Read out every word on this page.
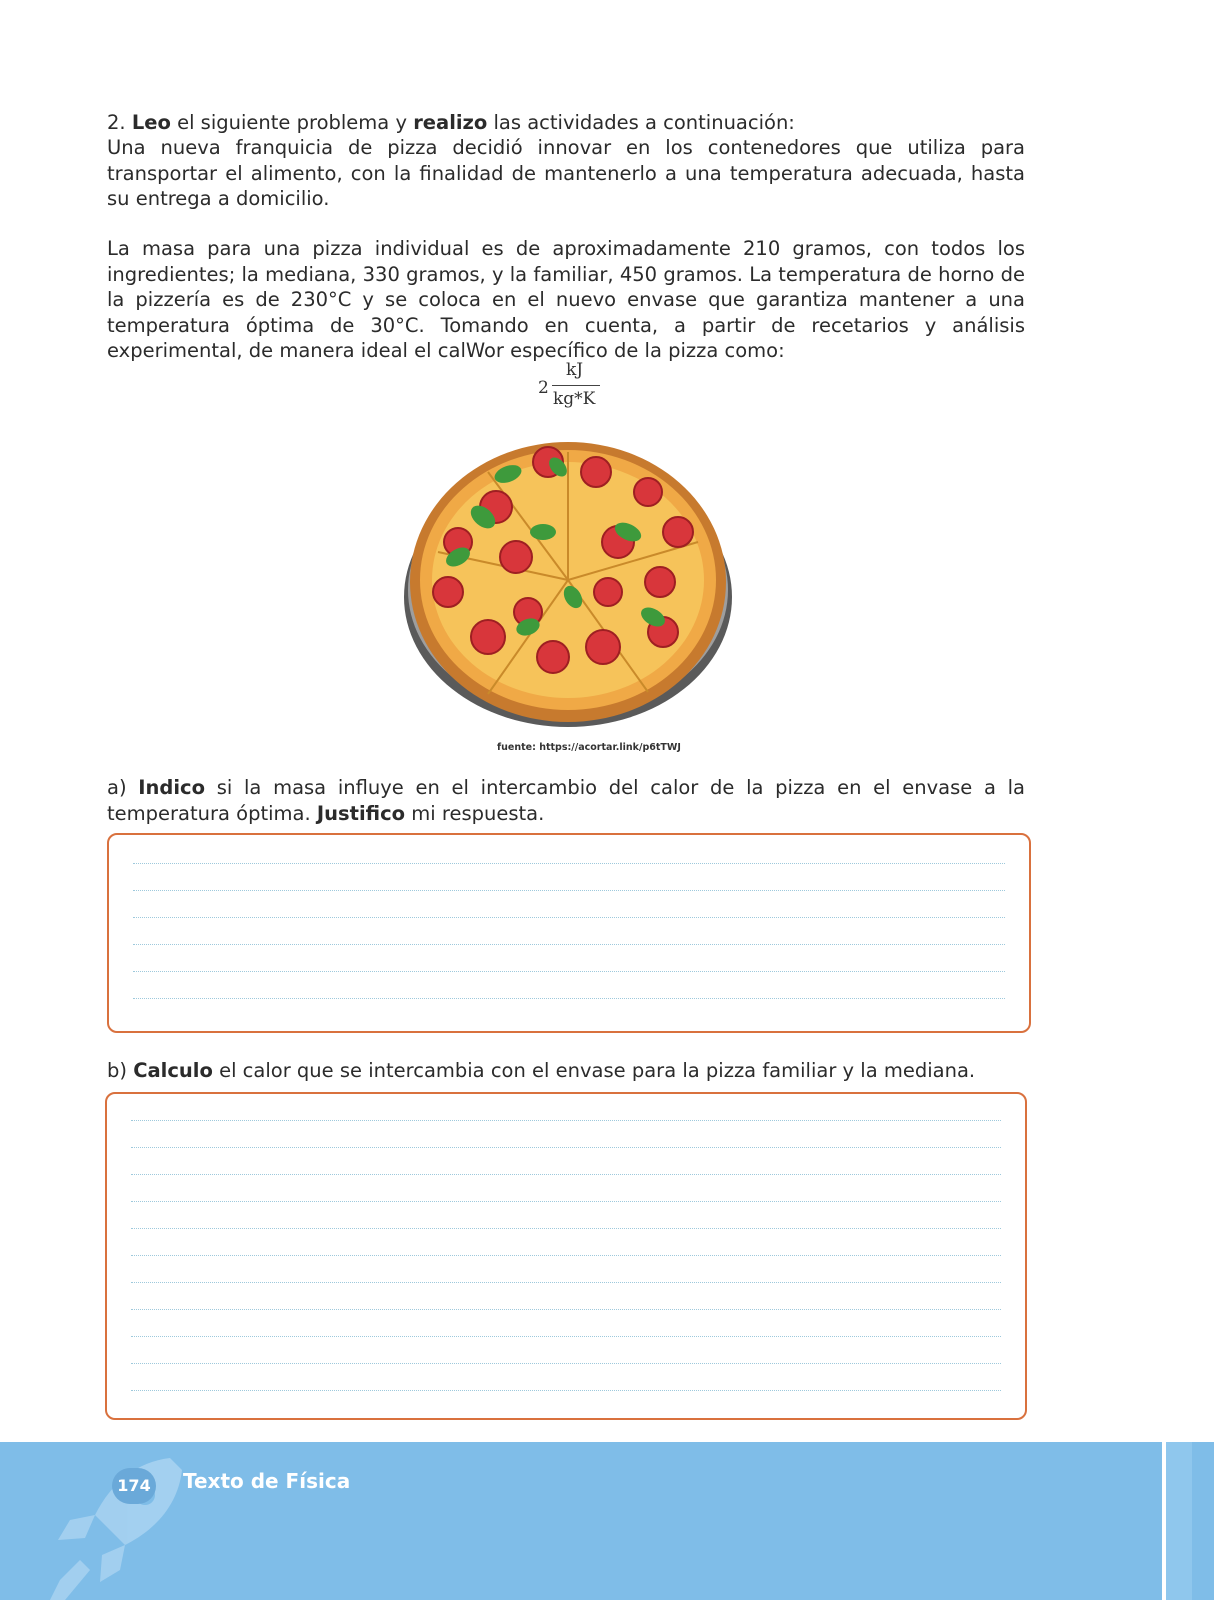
2. Leo el siguiente problema y realizo las actividades a continuación:

Una nueva franquicia de pizza decidió innovar en los contenedores que utiliza para transportar el alimento, con la finalidad de mantenerlo a una temperatura adecuada, hasta su entrega a domicilio.

La masa para una pizza individual es de aproximadamente 210 gramos, con todos los ingredientes; la mediana, 330 gramos, y la familiar, 450 gramos. La temperatura de horno de la pizzería es de 230°C y se coloca en el nuevo envase que garantiza mantener a una temperatura óptima de 30°C. Tomando en cuenta, a partir de recetarios y análisis experimental, de manera ideal el calWor específico de la pizza como:

2
kJ
kg*K
fuente: https://acortar.link/p6tTWJ

a) Indico si la masa influye en el intercambio del calor de la pizza en el envase a la temperatura óptima. Justifico mi respuesta.

b) Calculo el calor que se intercambia con el envase para la pizza familiar y la mediana.

174 Texto de Física
